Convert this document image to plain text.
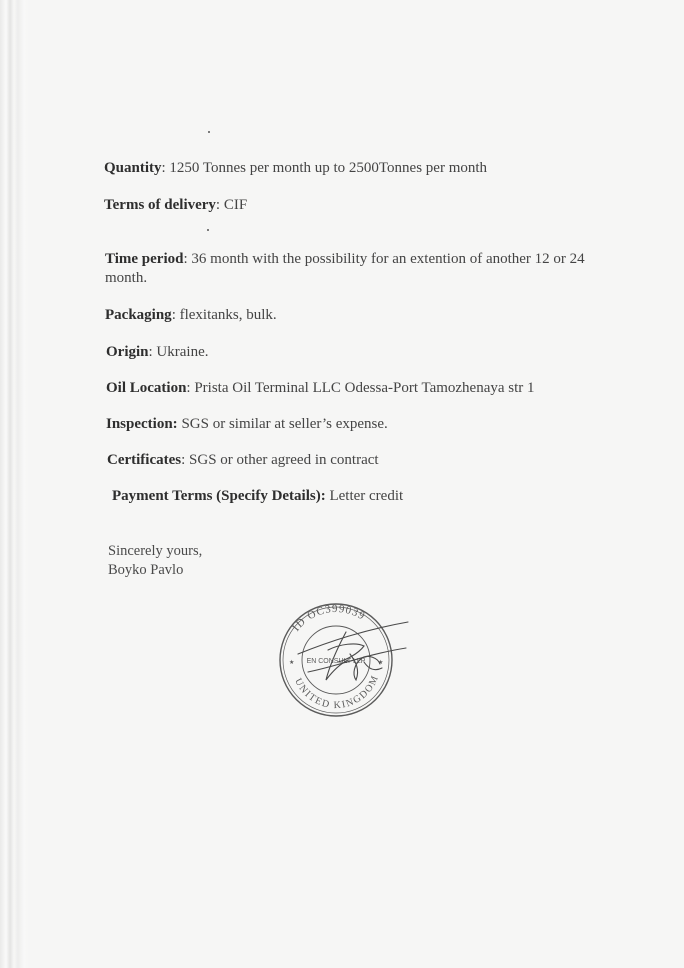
Quantity: 1250 Tonnes per month up to 2500Tonnes per month
Terms of delivery: CIF
Time period: 36 month with the possibility for an extention of another 12 or 24
month.
Packaging: flexitanks, bulk.
Origin: Ukraine.
Oil Location: Prista Oil Terminal LLC Odessa-Port Tamozhenaya str 1
Inspection: SGS or similar at seller’s expense.
Certificates: SGS or other agreed in contract
Payment Terms (Specify Details): Letter credit
Sincerely yours,
Boyko Pavlo
ID OC399039
UNITED KINGDOM
EN CONSULT LLP
★	★
